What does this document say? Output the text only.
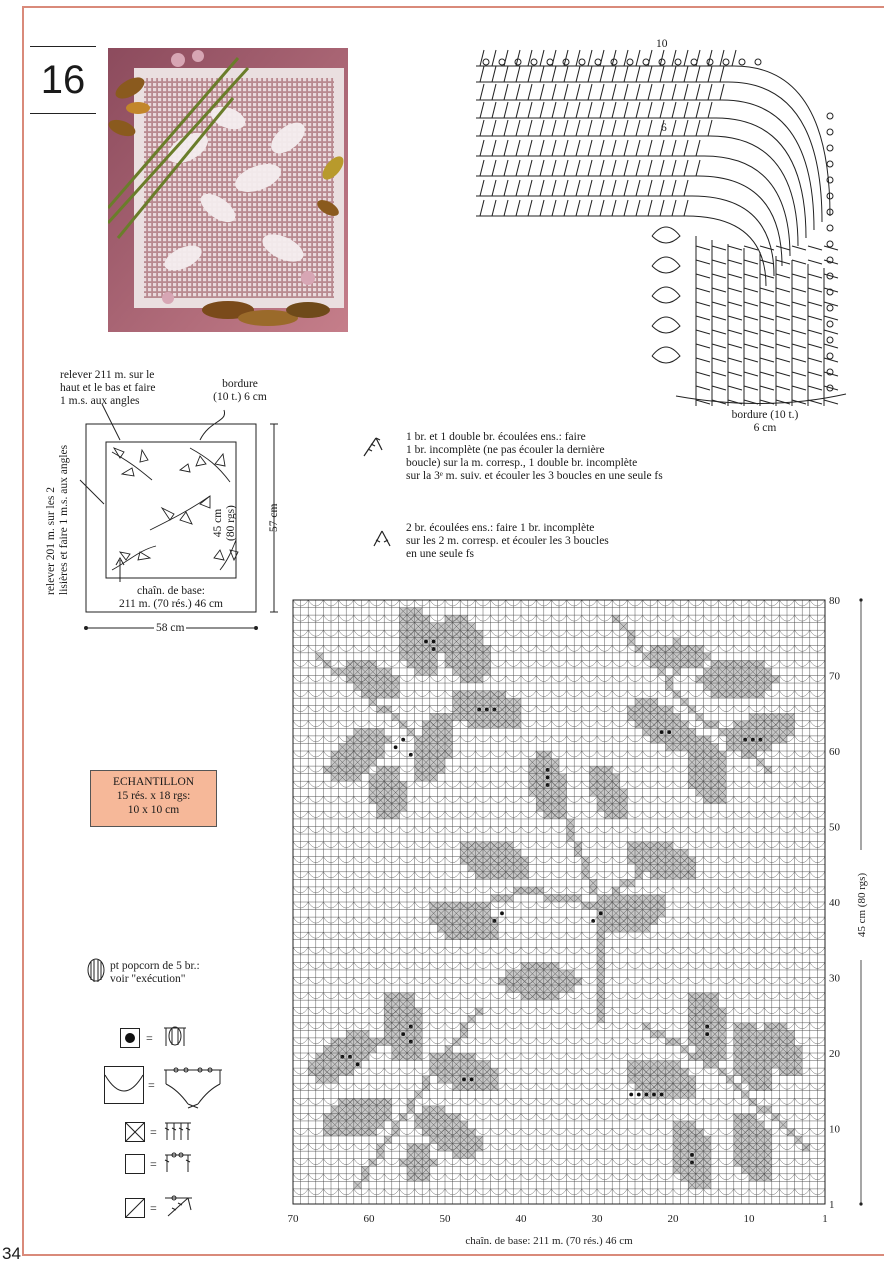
16
34
10
6
bordure (10 t.)
6 cm
1 br. et 1 double br. écoulées ens.: faire
1 br. incomplète (ne pas écouler la dernière
boucle) sur la m. corresp., 1 double br. incomplète
sur la 3ᵉ m. suiv. et écouler les 3 boucles en une seule fs
2 br. écoulées ens.: faire 1 br. incomplète
sur les 2 m. corresp. et écouler les 3 boucles
en une seule fs
relever 211 m. sur le
haut et le bas et faire
1 m.s. aux angles
bordure
(10 t.) 6 cm
relever 201 m. sur les 2 lisières et faire 1 m.s. aux angles	45 cm (80 rgs)	57 cm
chaîn. de base:
211 m. (70 rés.) 46 cm
58 cm
ECHANTILLON
15 rés. x 18 rgs:
10 x 10 cm
pt popcorn de 5 br.:
voir "exécution"
=
=
=
=
=
70	60	50	40	30	20	10	1
80
70
60
50
40
30
20
10
1
chaîn. de base: 211 m. (70 rés.) 46 cm
45 cm (80 rgs)
